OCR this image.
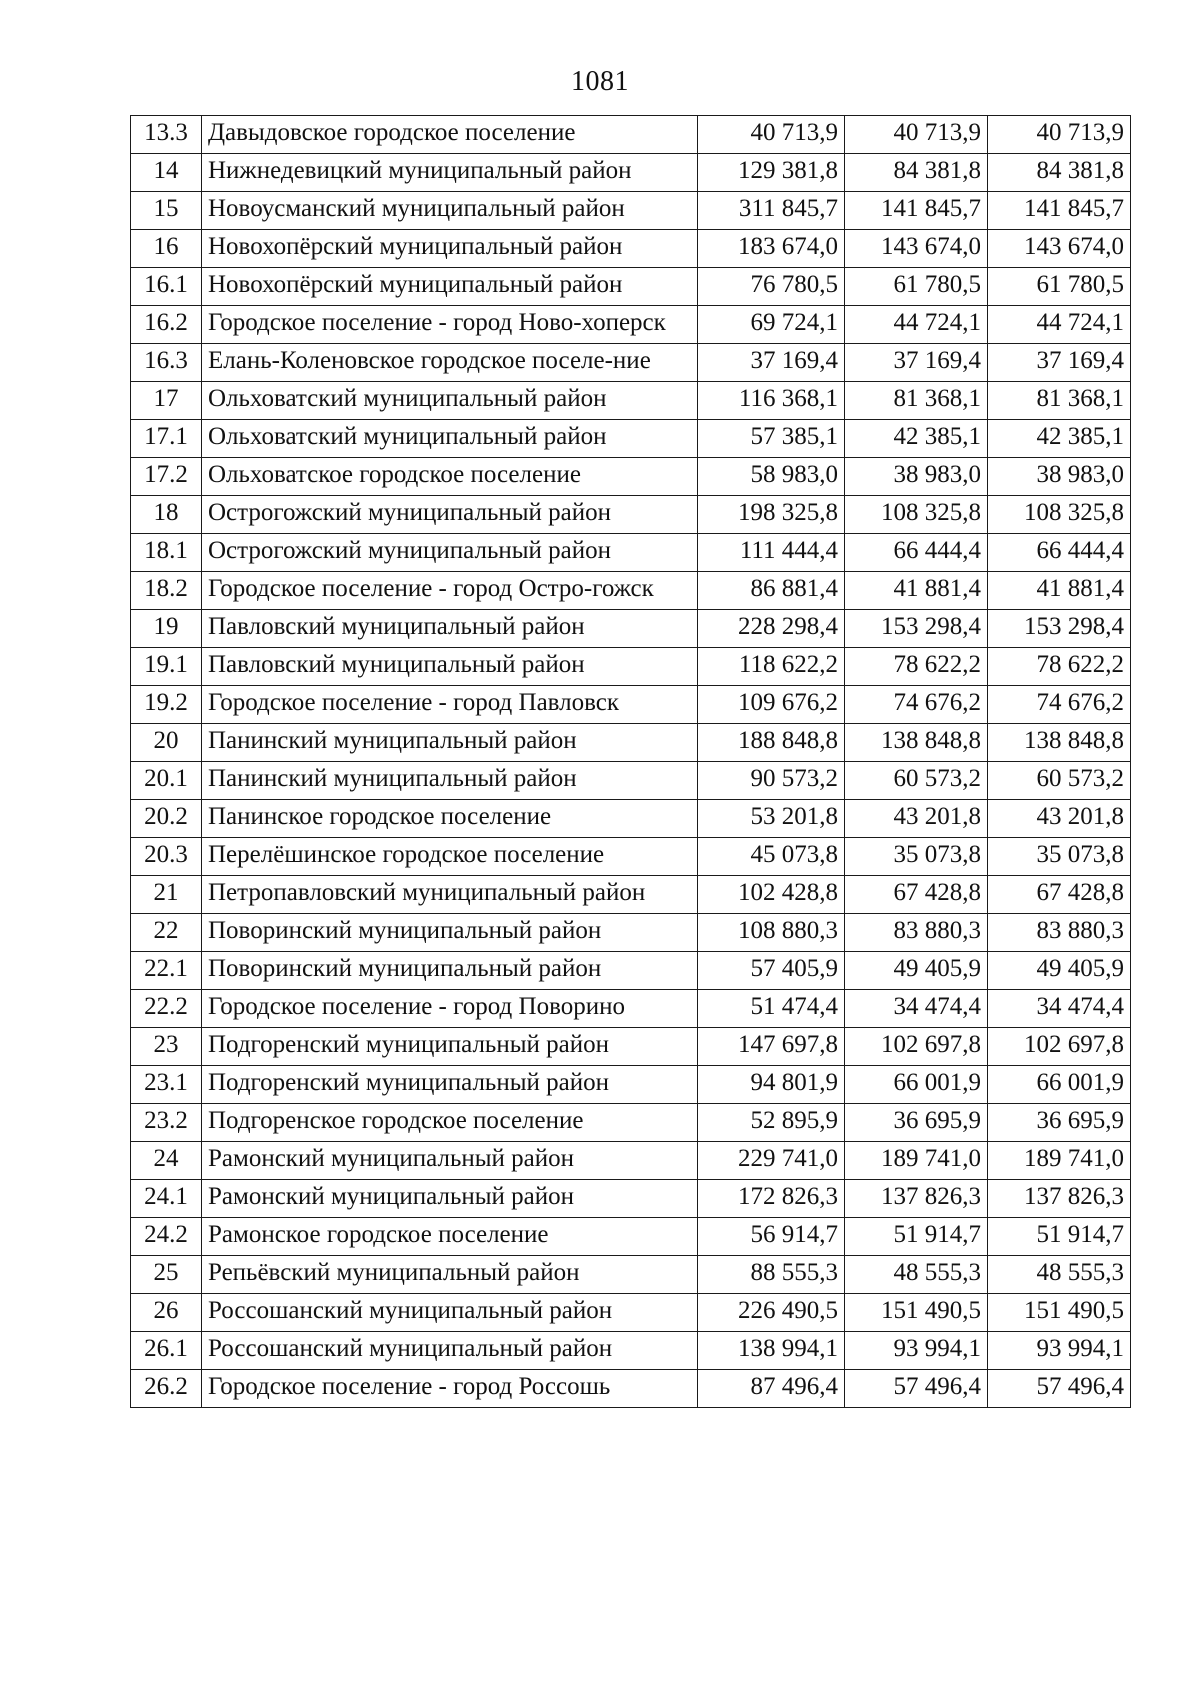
1081
13.3	Давыдовское городское поселение	40 713,9	40 713,9	40 713,9
14	Нижнедевицкий муниципальный район	129 381,8	84 381,8	84 381,8
15	Новоусманский муниципальный район	311 845,7	141 845,7	141 845,7
16	Новохопёрский муниципальный район	183 674,0	143 674,0	143 674,0
16.1	Новохопёрский муниципальный район	76 780,5	61 780,5	61 780,5
16.2	Городское поселение - город Ново-хоперск	69 724,1	44 724,1	44 724,1
16.3	Елань-Коленовское городское поселе-ние	37 169,4	37 169,4	37 169,4
17	Ольховатский муниципальный район	116 368,1	81 368,1	81 368,1
17.1	Ольховатский муниципальный район	57 385,1	42 385,1	42 385,1
17.2	Ольховатское городское поселение	58 983,0	38 983,0	38 983,0
18	Острогожский муниципальный район	198 325,8	108 325,8	108 325,8
18.1	Острогожский муниципальный район	111 444,4	66 444,4	66 444,4
18.2	Городское поселение - город Остро-гожск	86 881,4	41 881,4	41 881,4
19	Павловский муниципальный район	228 298,4	153 298,4	153 298,4
19.1	Павловский муниципальный район	118 622,2	78 622,2	78 622,2
19.2	Городское поселение - город Павловск	109 676,2	74 676,2	74 676,2
20	Панинский муниципальный район	188 848,8	138 848,8	138 848,8
20.1	Панинский муниципальный район	90 573,2	60 573,2	60 573,2
20.2	Панинское городское поселение	53 201,8	43 201,8	43 201,8
20.3	Перелёшинское городское поселение	45 073,8	35 073,8	35 073,8
21	Петропавловский муниципальный район	102 428,8	67 428,8	67 428,8
22	Поворинский муниципальный район	108 880,3	83 880,3	83 880,3
22.1	Поворинский муниципальный район	57 405,9	49 405,9	49 405,9
22.2	Городское поселение - город Поворино	51 474,4	34 474,4	34 474,4
23	Подгоренский муниципальный район	147 697,8	102 697,8	102 697,8
23.1	Подгоренский муниципальный район	94 801,9	66 001,9	66 001,9
23.2	Подгоренское городское поселение	52 895,9	36 695,9	36 695,9
24	Рамонский муниципальный район	229 741,0	189 741,0	189 741,0
24.1	Рамонский муниципальный район	172 826,3	137 826,3	137 826,3
24.2	Рамонское городское поселение	56 914,7	51 914,7	51 914,7
25	Репьёвский муниципальный район	88 555,3	48 555,3	48 555,3
26	Россошанский муниципальный район	226 490,5	151 490,5	151 490,5
26.1	Россошанский муниципальный район	138 994,1	93 994,1	93 994,1
26.2	Городское поселение - город Россошь	87 496,4	57 496,4	57 496,4
